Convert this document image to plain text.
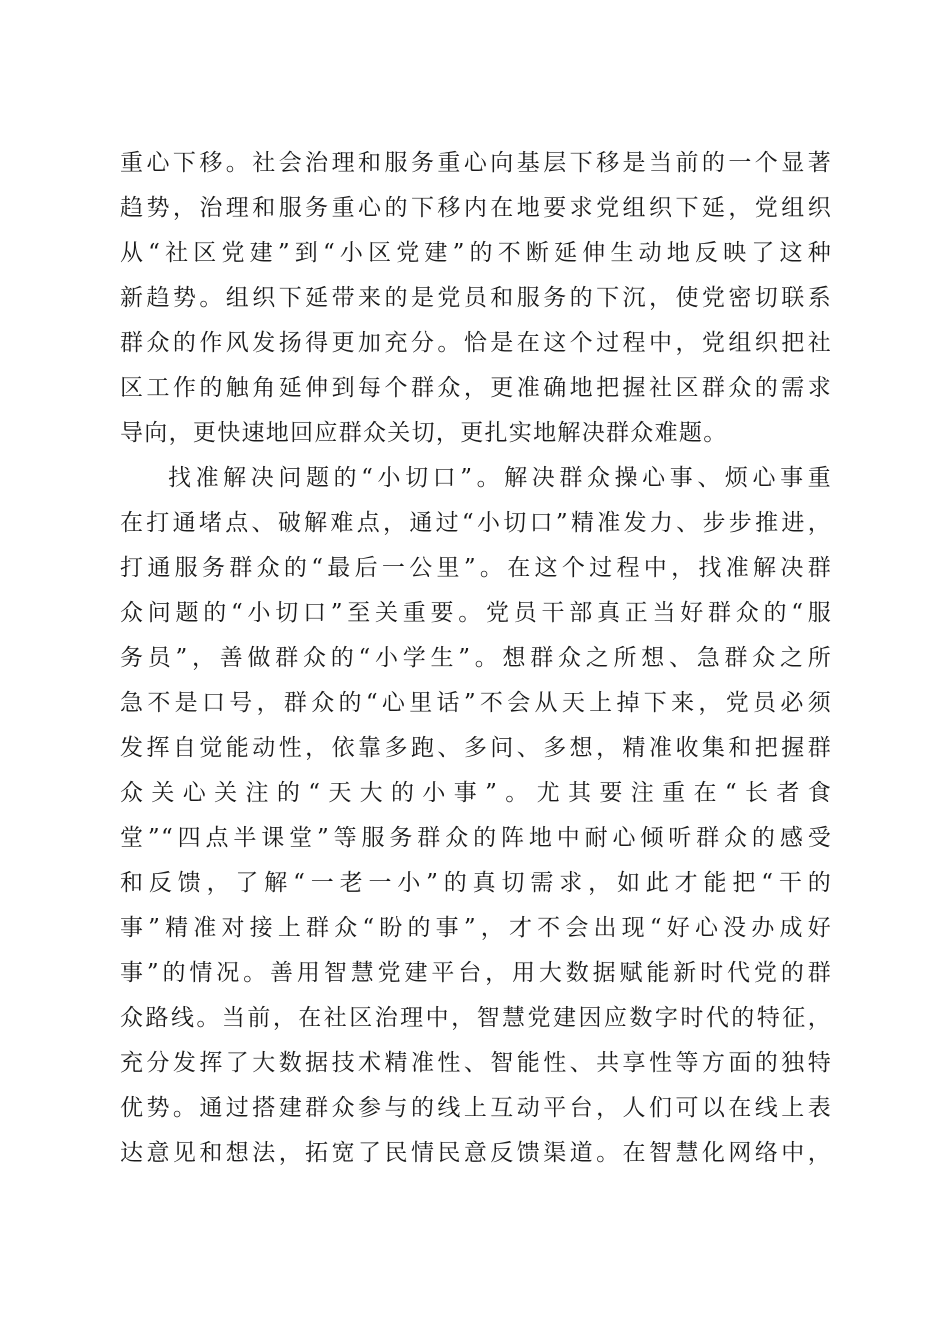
重心下移。社会治理和服务重心向基层下移是当前的一个显著
趋势，治理和服务重心的下移内在地要求党组织下延，党组织
从“社区党建”到“小区党建”的不断延伸生动地反映了这种
新趋势。组织下延带来的是党员和服务的下沉，使党密切联系
群众的作风发扬得更加充分。恰是在这个过程中，党组织把社
区工作的触角延伸到每个群众，更准确地把握社区群众的需求
导向，更快速地回应群众关切，更扎实地解决群众难题。
找准解决问题的“小切口”。解决群众操心事、烦心事重
在打通堵点、破解难点，通过“小切口”精准发力、步步推进，
打通服务群众的“最后一公里”。在这个过程中，找准解决群
众问题的“小切口”至关重要。党员干部真正当好群众的“服
务员”，善做群众的“小学生”。想群众之所想、急群众之所
急不是口号，群众的“心里话”不会从天上掉下来，党员必须
发挥自觉能动性，依靠多跑、多问、多想，精准收集和把握群
众关心关注的“天大的小事”。尤其要注重在“长者食
堂”“四点半课堂”等服务群众的阵地中耐心倾听群众的感受
和反馈，了解“一老一小”的真切需求，如此才能把“干的
事”精准对接上群众“盼的事”，才不会出现“好心没办成好
事”的情况。善用智慧党建平台，用大数据赋能新时代党的群
众路线。当前，在社区治理中，智慧党建因应数字时代的特征，
充分发挥了大数据技术精准性、智能性、共享性等方面的独特
优势。通过搭建群众参与的线上互动平台，人们可以在线上表
达意见和想法，拓宽了民情民意反馈渠道。在智慧化网络中，
